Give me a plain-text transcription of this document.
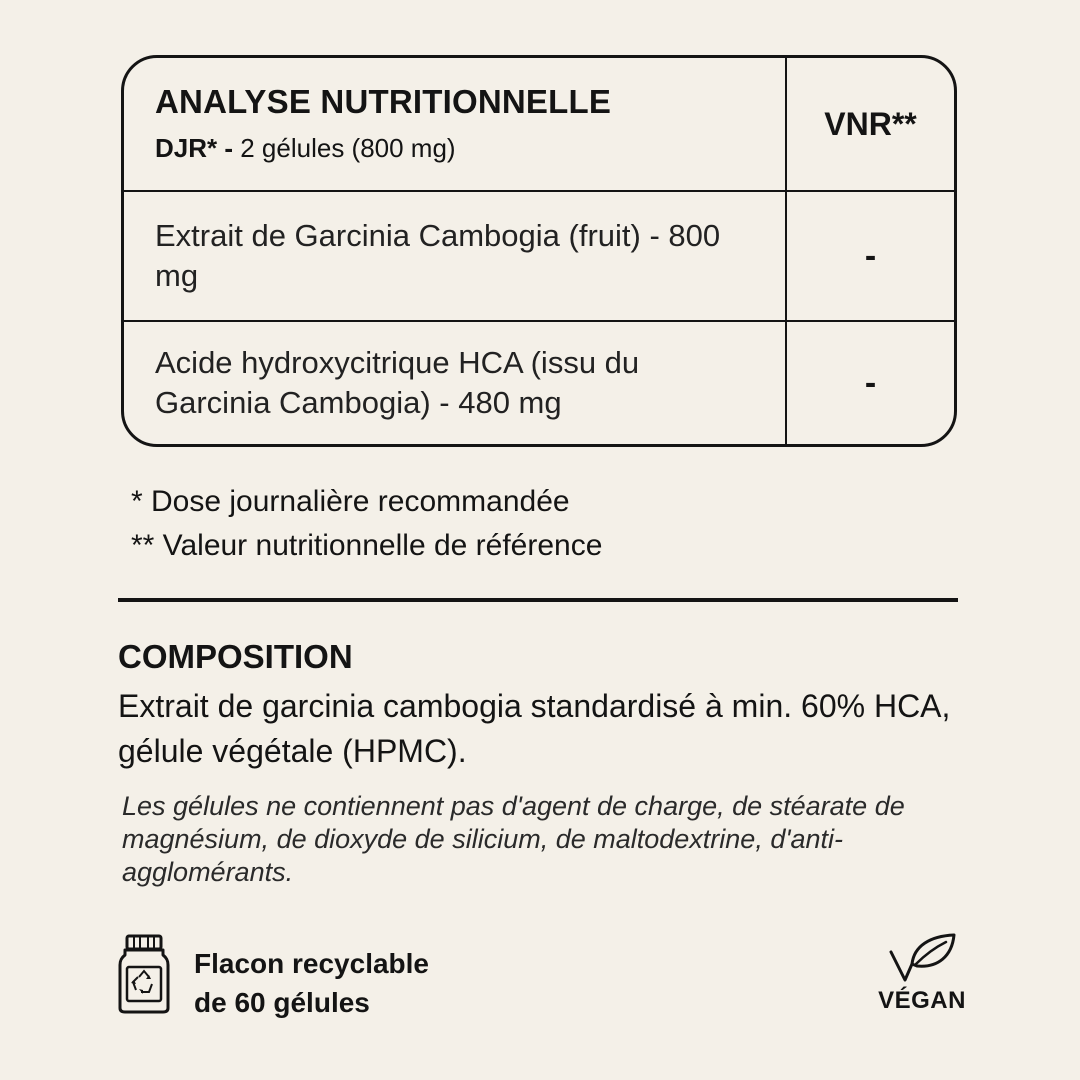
ANALYSE NUTRITIONNELLE
DJR* - 2 gélules (800 mg)
VNR**
Extrait de Garcinia Cambogia (fruit) - 800 mg
-
Acide hydroxycitrique HCA (issu du Garcinia Cambogia) - 480 mg
-
* Dose journalière recommandée
** Valeur nutritionnelle de référence
COMPOSITION
Extrait de garcinia cambogia standardisé à min. 60% HCA, gélule végétale (HPMC).
Les gélules ne contiennent pas d'agent de charge, de stéarate de magnésium, de dioxyde de silicium, de maltodextrine, d'anti-agglomérants.
Flacon recyclable
de 60 gélules	VÉGAN
